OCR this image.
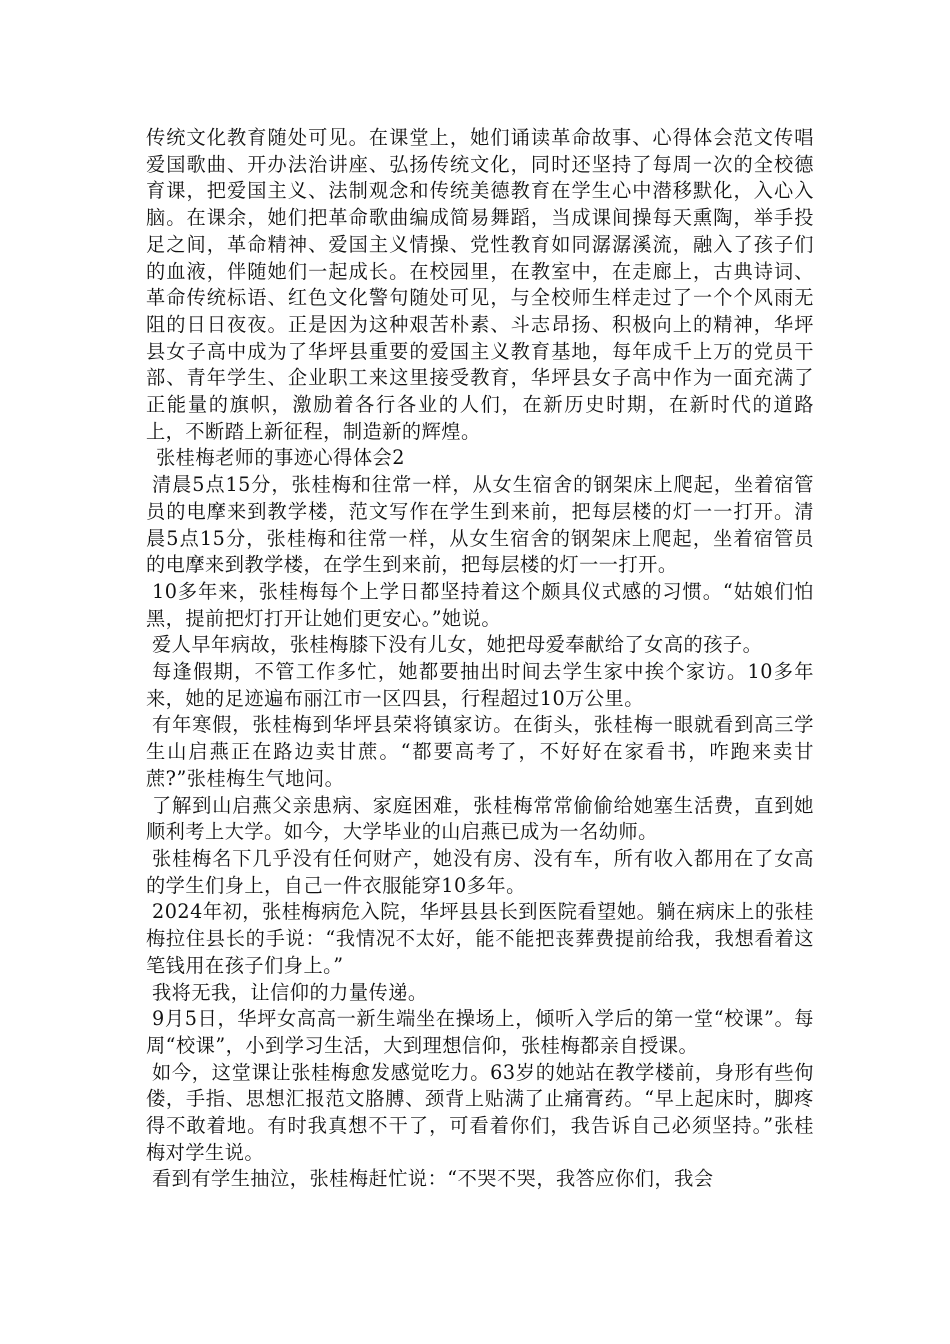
传统文化教育随处可见。在课堂上，她们诵读革命故事、心得体会范文传唱爱国歌曲、开办法治讲座、弘扬传统文化，同时还坚持了每周一次的全校德育课，把爱国主义、法制观念和传统美德教育在学生心中潜移默化，入心入脑。在课余，她们把革命歌曲编成简易舞蹈，当成课间操每天熏陶，举手投足之间，革命精神、爱国主义情操、党性教育如同潺潺溪流，融入了孩子们的血液，伴随她们一起成长。在校园里，在教室中，在走廊上，古典诗词、革命传统标语、红色文化警句随处可见，与全校师生样走过了一个个风雨无阻的日日夜夜。正是因为这种艰苦朴素、斗志昂扬、积极向上的精神，华坪县女子高中成为了华坪县重要的爱国主义教育基地，每年成千上万的党员干部、青年学生、企业职工来这里接受教育，华坪县女子高中作为一面充满了正能量的旗帜，激励着各行各业的人们，在新历史时期，在新时代的道路上，不断踏上新征程，制造新的辉煌。

张桂梅老师的事迹心得体会2

清晨5点15分，张桂梅和往常一样，从女生宿舍的钢架床上爬起，坐着宿管员的电摩来到教学楼，范文写作在学生到来前，把每层楼的灯一一打开。清晨5点15分，张桂梅和往常一样，从女生宿舍的钢架床上爬起，坐着宿管员的电摩来到教学楼，在学生到来前，把每层楼的灯一一打开。

10多年来，张桂梅每个上学日都坚持着这个颇具仪式感的习惯。“姑娘们怕黑，提前把灯打开让她们更安心。”她说。

爱人早年病故，张桂梅膝下没有儿女，她把母爱奉献给了女高的孩子。

每逢假期，不管工作多忙，她都要抽出时间去学生家中挨个家访。10多年来，她的足迹遍布丽江市一区四县，行程超过10万公里。

有年寒假，张桂梅到华坪县荣将镇家访。在街头，张桂梅一眼就看到高三学生山启燕正在路边卖甘蔗。“都要高考了，不好好在家看书，咋跑来卖甘蔗?”张桂梅生气地问。

了解到山启燕父亲患病、家庭困难，张桂梅常常偷偷给她塞生活费，直到她顺利考上大学。如今，大学毕业的山启燕已成为一名幼师。

张桂梅名下几乎没有任何财产，她没有房、没有车，所有收入都用在了女高的学生们身上，自己一件衣服能穿10多年。

2024年初，张桂梅病危入院，华坪县县长到医院看望她。躺在病床上的张桂梅拉住县长的手说：“我情况不太好，能不能把丧葬费提前给我，我想看着这笔钱用在孩子们身上。”

我将无我，让信仰的力量传递。

9月5日，华坪女高高一新生端坐在操场上，倾听入学后的第一堂“校课”。每周“校课”，小到学习生活，大到理想信仰，张桂梅都亲自授课。

如今，这堂课让张桂梅愈发感觉吃力。63岁的她站在教学楼前，身形有些佝偻，手指、思想汇报范文胳膊、颈背上贴满了止痛膏药。“早上起床时，脚疼得不敢着地。有时我真想不干了，可看着你们，我告诉自己必须坚持。”张桂梅对学生说。

看到有学生抽泣，张桂梅赶忙说：“不哭不哭，我答应你们，我会
